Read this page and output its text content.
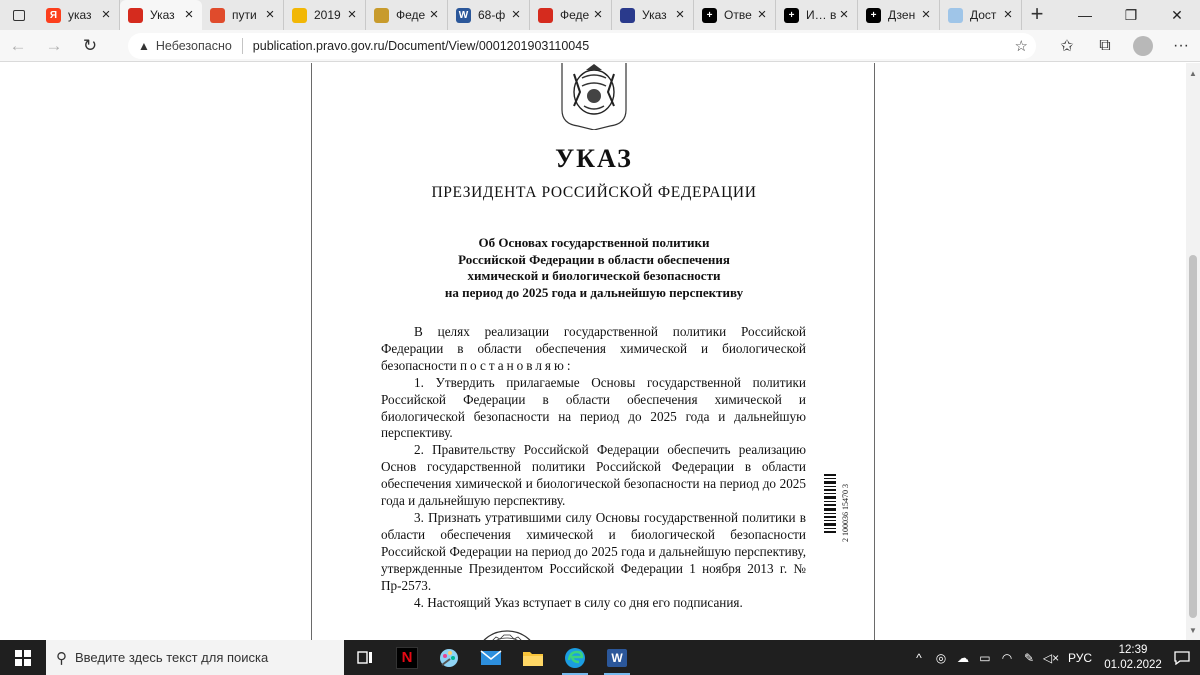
Я указ ×	Указ ×	пути ×	2019 ×	Феде × W 68-ф ×	Феде ×	Указ ×	+ Отве ×	+ И… в ×	+ Дзен ×	Дост × +	—	❐	✕
← → ↻	▲ Небезопасно publication.pravo.gov.ru/Document/View/0001201903110045	☆ ✩ ⧉	···
УКАЗ
ПРЕЗИДЕНТА РОССИЙСКОЙ ФЕДЕРАЦИИ
Об Основах государственной политики
Российской Федерации в области обеспечения
химической и биологической безопасности
на период до 2025 года и дальнейшую перспективу

В целях реализации государственной политики Российской Федерации в области обеспечения химической и биологической безопасности постановляю:

1. Утвердить прилагаемые Основы государственной политики Российской Федерации в области обеспечения химической и биологической безопасности на период до 2025 года и дальнейшую перспективу.

2. Правительству Российской Федерации обеспечить реализацию Основ государственной политики Российской Федерации в области обеспечения химической и биологической безопасности на период до 2025 года и дальнейшую перспективу.

3. Признать утратившими силу Основы государственной политики в области обеспечения химической и биологической безопасности Российской Федерации на период до 2025 года и дальнейшую перспективу, утвержденные Президентом Российской Федерации 1 ноября 2013 г. № Пр-2573.

4. Настоящий Указ вступает в силу со дня его подписания.

2 100036 15470 3
▲
▼
⚲ Введите здесь текст для поиска	N	W	^	◎ ☁ ▭ ◠ ✎ ◁× РУС
12:39
01.02.2022
